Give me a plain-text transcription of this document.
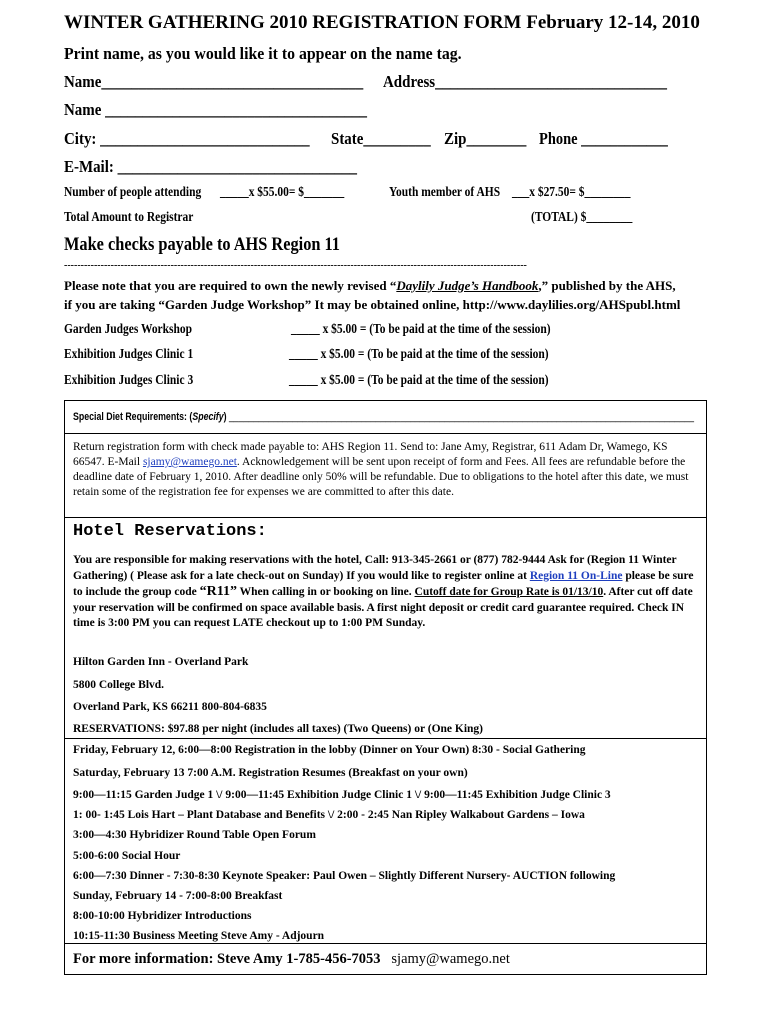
WINTER GATHERING 2010 REGISTRATION FORM February 12-14, 2010
Print name, as you would like it to appear on the name tag.
Name___________________________________	Address_______________________________
Name ___________________________________
City: ____________________________	State_________ Zip________ Phone ____________
E-Mail: ________________________________
Number of people attending	_____x $55.00= $_______	Youth member of AHS ___x $27.50= $________
Total Amount to Registrar	(TOTAL) $________
Make checks payable to AHS Region 11
-------------------------------------------------------------------------------------------------------------------------------------------
Please note that you are required to own the newly revised “Daylily Judge’s Handbook,” published by the AHS,
if you are taking “Garden Judge Workshop” It may be obtained online, http://www.daylilies.org/AHSpubl.html
Garden Judges Workshop	_____ x $5.00 = (To be paid at the time of the session)
Exhibition Judges Clinic 1	_____ x $5.00 = (To be paid at the time of the session)
Exhibition Judges Clinic 3	_____ x $5.00 = (To be paid at the time of the session)
Special Diet Requirements: (Specify) _______________________________________________________________________________________________
Return registration form with check made payable to: AHS Region 11. Send to: Jane Amy, Registrar, 611 Adam Dr, Wamego, KS 66547. E-Mail sjamy@wamego.net. Acknowledgement will be sent upon receipt of form and Fees. All fees are refundable before the deadline date of February 1, 2010. After deadline only 50% will be refundable. Due to obligations to the hotel after this date, we must retain some of the registration fee for expenses we are committed to after this date.
Hotel Reservations:
You are responsible for making reservations with the hotel, Call: 913-345-2661 or (877) 782-9444 Ask for (Region 11 Winter Gathering) ( Please ask for a late check-out on Sunday) If you would like to register online at Region 11 On-Line please be sure to include the group code “R11” When calling in or booking on line. Cutoff date for Group Rate is 01/13/10. After cut off date your reservation will be confirmed on space available basis. A first night deposit or credit card guarantee required. Check IN time is 3:00 PM you can request LATE checkout up to 1:00 PM Sunday.
Hilton Garden Inn - Overland Park
5800 College Blvd.
Overland Park, KS 66211 800-804-6835
RESERVATIONS: $97.88 per night (includes all taxes) (Two Queens) or (One King)
Friday, February 12, 6:00—8:00 Registration in the lobby (Dinner on Your Own) 8:30 - Social Gathering
Saturday, February 13 7:00 A.M. Registration Resumes (Breakfast on your own)
9:00—11:15 Garden Judge 1 \/ 9:00—11:45 Exhibition Judge Clinic 1 \/ 9:00—11:45 Exhibition Judge Clinic 3
1: 00- 1:45 Lois Hart – Plant Database and Benefits \/ 2:00 - 2:45 Nan Ripley Walkabout Gardens – Iowa
3:00—4:30 Hybridizer Round Table Open Forum
5:00-6:00 Social Hour
6:00—7:30 Dinner - 7:30-8:30 Keynote Speaker: Paul Owen – Slightly Different Nursery- AUCTION following
Sunday, February 14 - 7:00-8:00 Breakfast
8:00-10:00 Hybridizer Introductions
10:15-11:30 Business Meeting Steve Amy - Adjourn
For more information: Steve Amy 1-785-456-7053 sjamy@wamego.net
